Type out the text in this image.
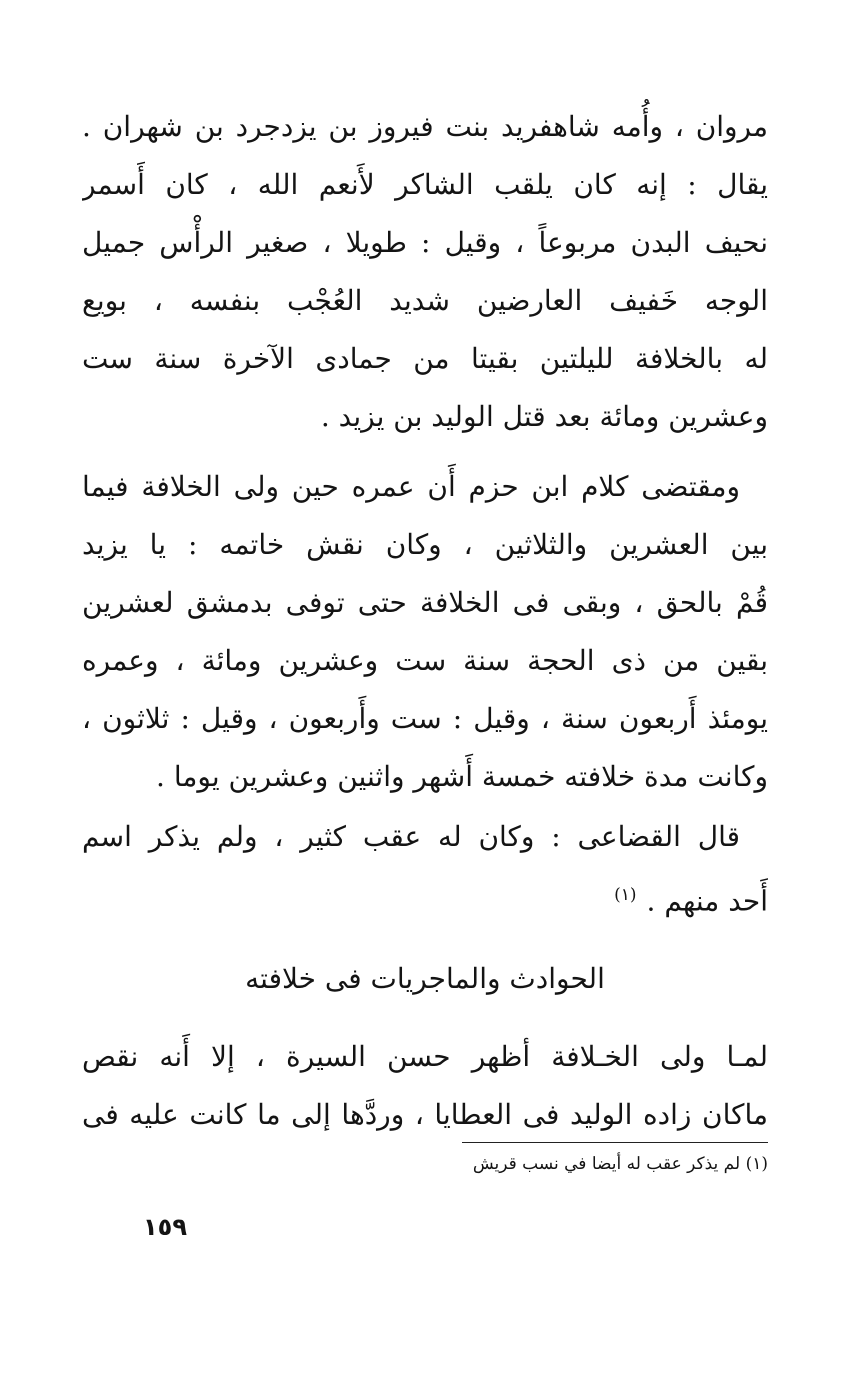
مروان ، وأُمه شاهفريد بنت فيروز بن يزدجرد بن شهران .
يقال : إنه كان يلقب الشاكر لأَنعم الله ، كان أَسمر
نحيف البدن مربوعاً ، وقيل : طويلا ، صغير الرأْس جميل
الوجه خَفيف العارضين شديد العُجْب بنفسه ، بويع
له بالخلافة لليلتين بقيتا من جمادى الآخرة سنة ست
وعشرين ومائة بعد قتل الوليد بن يزيد .
ومقتضى كلام ابن حزم أَن عمره حين ولى الخلافة فيما
بين العشرين والثلاثين ، وكان نقش خاتمه : يا يزيد
قُمْ بالحق ، وبقى فى الخلافة حتى توفى بدمشق لعشرين
بقين من ذى الحجة سنة ست وعشرين ومائة ، وعمره
يومئذ أَربعون سنة ، وقيل : ست وأَربعون ، وقيل : ثلاثون ،
وكانت مدة خلافته خمسة أَشهر واثنين وعشرين يوما .
قال القضاعى : وكان له عقب كثير ، ولم يذكر اسم
أَحد منهم .$^{(١)}$
الحوادث والماجريات فى خلافته
لمـا ولى الخـلافة أظهر حسن السيرة ، إلا أَنه نقص
ماكان زاده الوليد فى العطايا ، وردَّها إلى ما كانت عليه فى
(١) لم يذكر عقب له أيضا في نسب قريش
١٥٩
